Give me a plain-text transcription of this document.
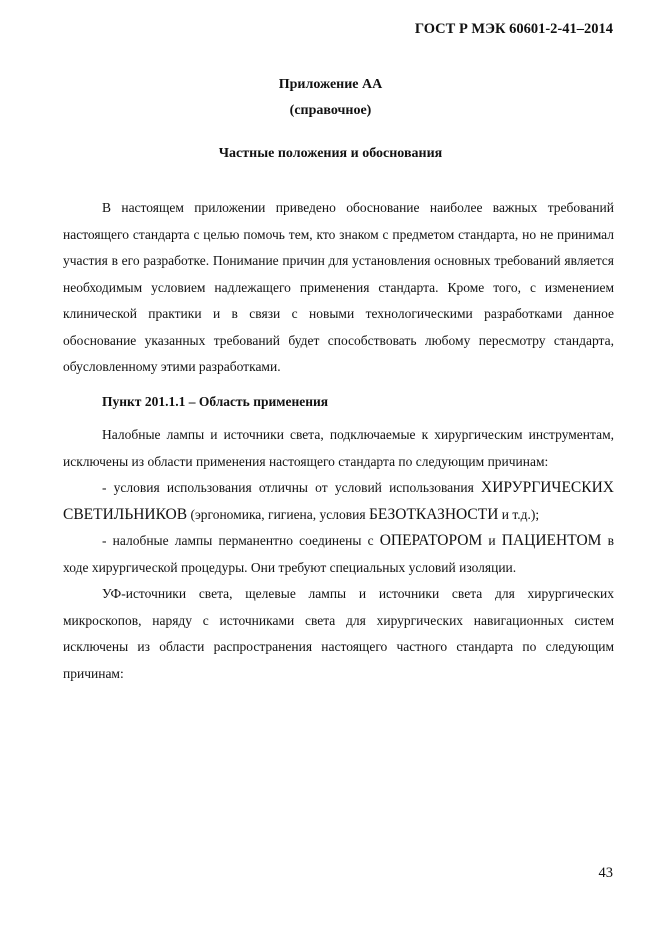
ГОСТ Р МЭК 60601-2-41–2014
Приложение АА
(справочное)
Частные положения и обоснования

В настоящем приложении приведено обоснование наиболее важных требований настоящего стандарта с целью помочь тем, кто знаком с предметом стандарта, но не принимал участия в его разработке. Понимание причин для установления основных требований является необходимым условием надлежащего применения стандарта. Кроме того, с изменением клинической практики и в связи с новыми технологическими разработками данное обоснование указанных требований будет способствовать любому пересмотру стандарта, обусловленному этими разработками.

Пункт 201.1.1 – Область применения

Налобные лампы и источники света, подключаемые к хирургическим инструментам, исключены из области применения настоящего стандарта по следующим причинам:

- условия использования отличны от условий использования ХИРУРГИЧЕСКИХ СВЕТИЛЬНИКОВ (эргономика, гигиена, условия БЕЗОТКАЗНОСТИ и т.д.);

- налобные лампы перманентно соединены с ОПЕРАТОРОМ и ПАЦИЕНТОМ в ходе хирургической процедуры. Они требуют специальных условий изоляции.

УФ-источники света, щелевые лампы и источники света для хирургических микроскопов, наряду с источниками света для хирургических навигационных систем исключены из области распространения настоящего частного стандарта по следующим причинам:

43
